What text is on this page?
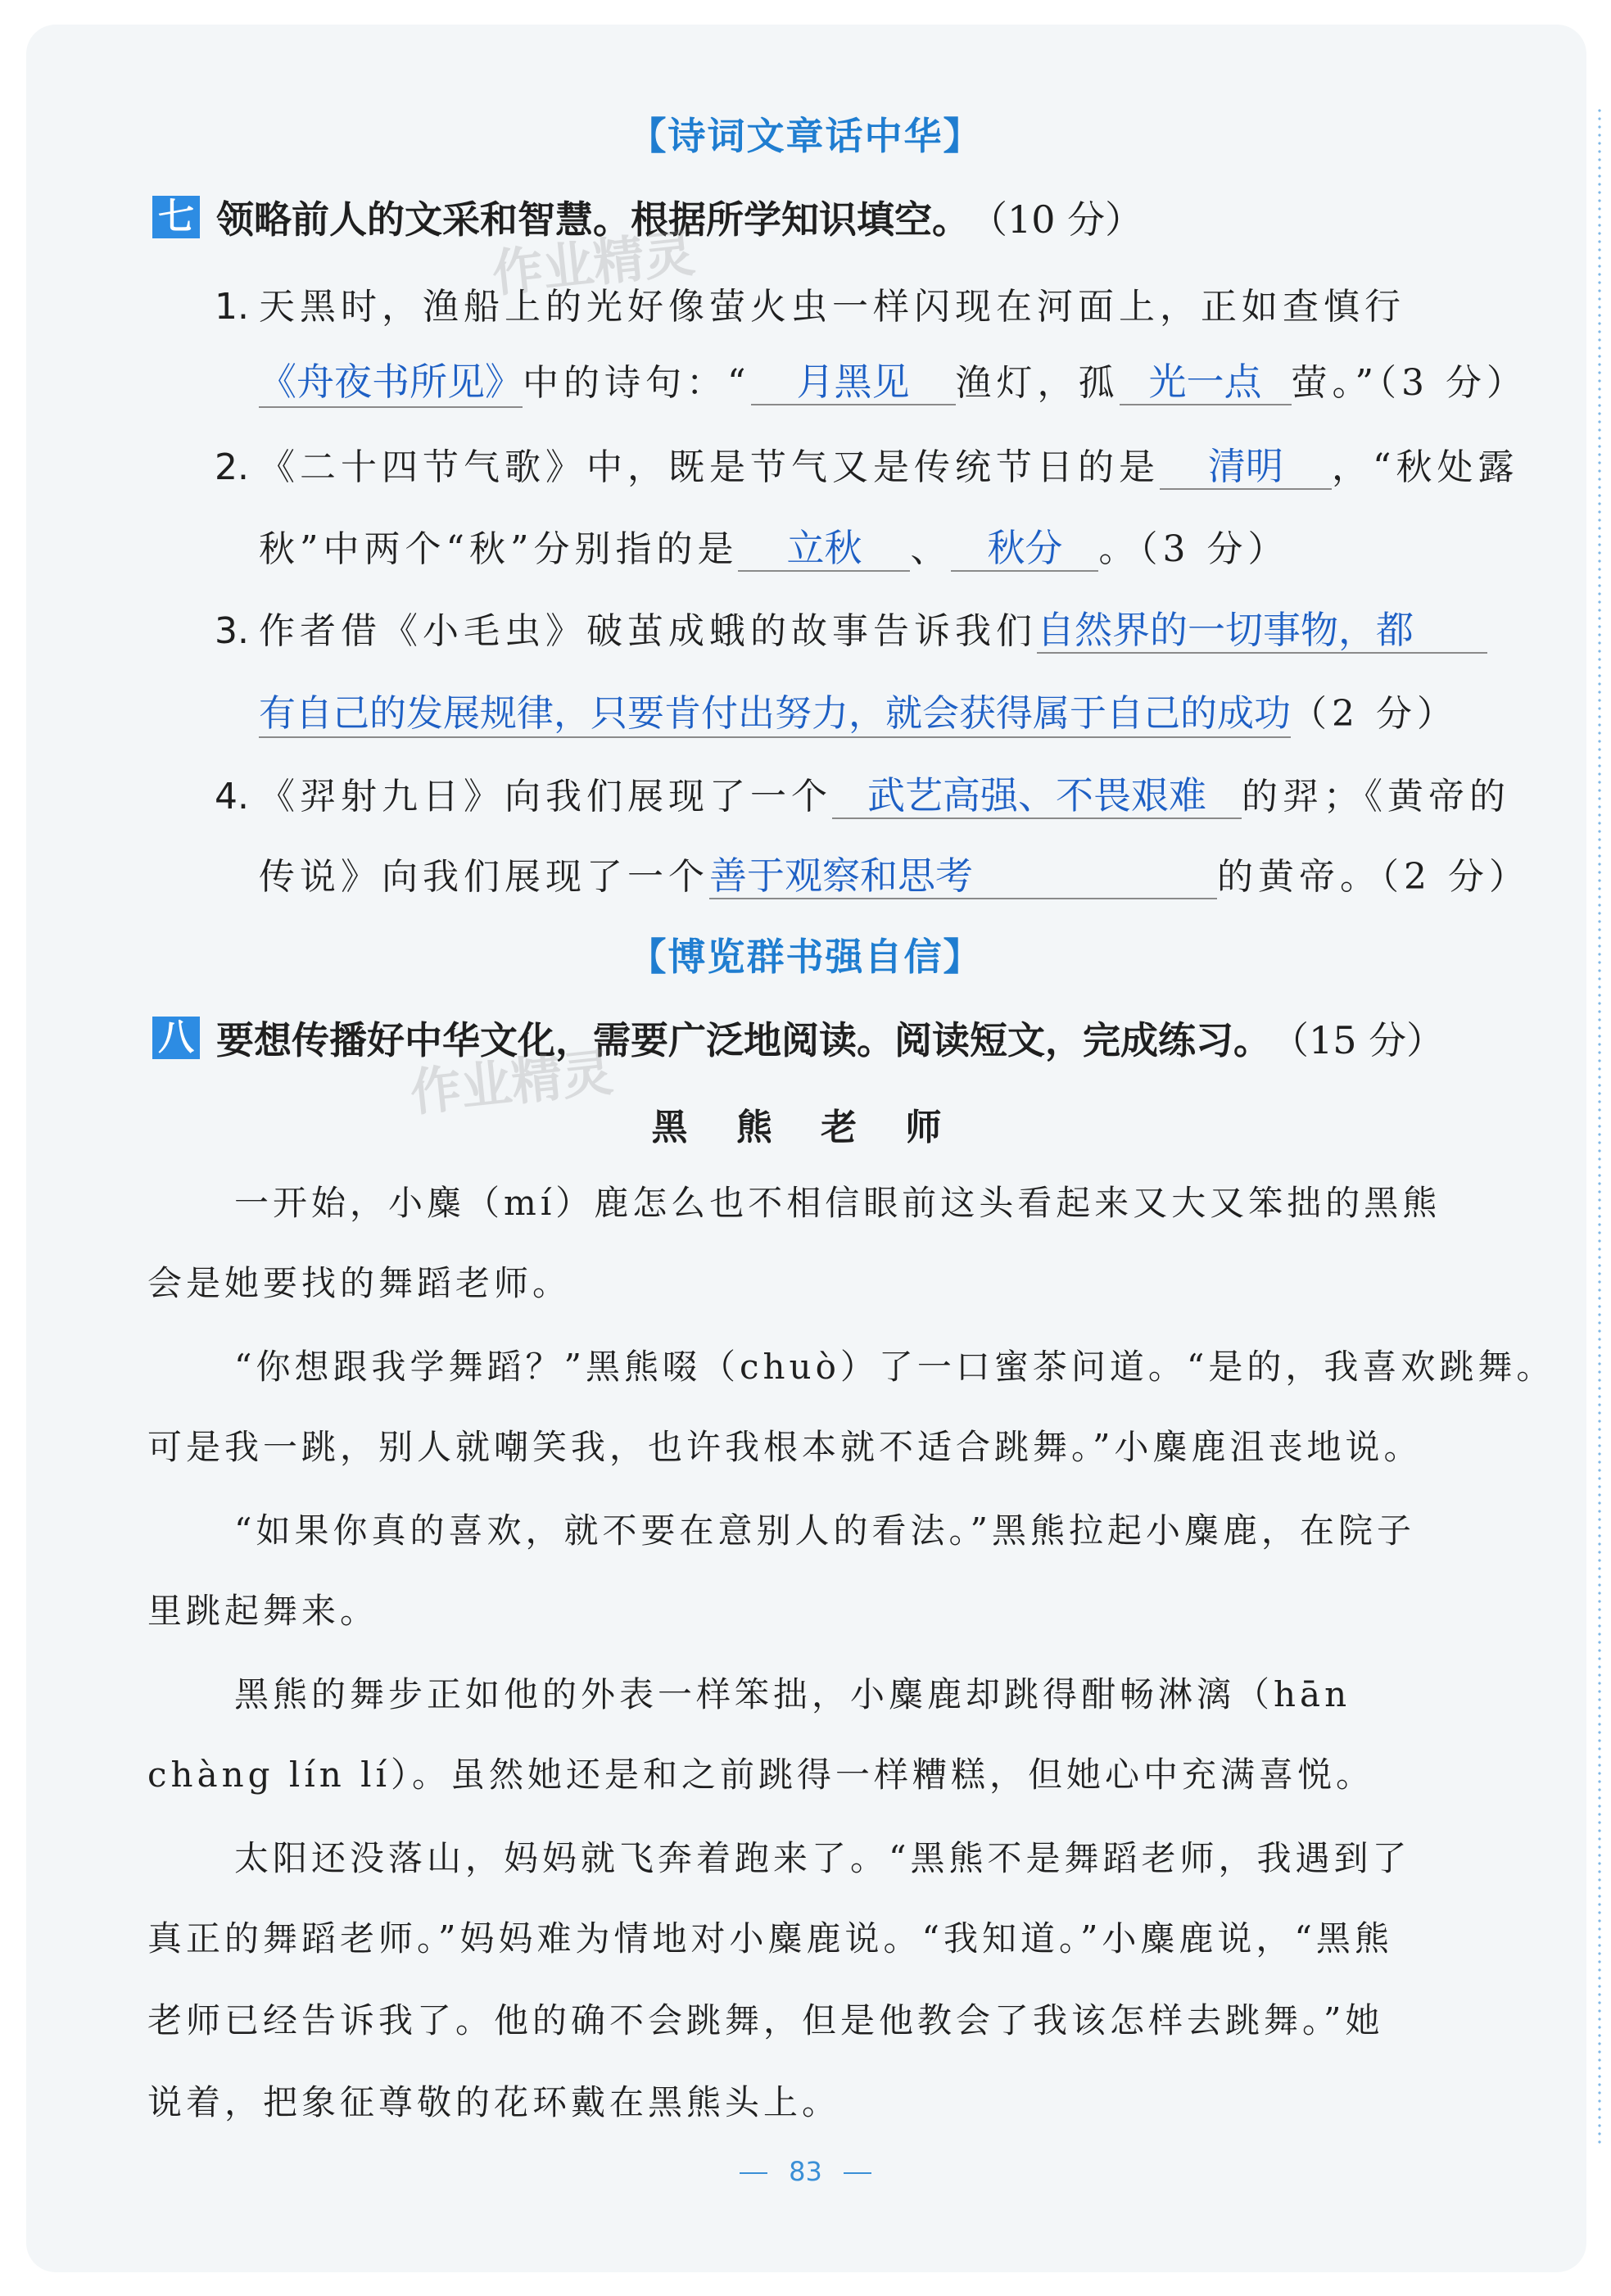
【诗词文章话中华】
七 领略前人的文采和智慧。根据所学知识填空。 （10 分）
作业精灵
1. 天黑时，渔船上的光好像萤火虫一样闪现在河面上，正如查慎行
《舟夜书所见》中的诗句：“ 月黑见 渔灯，孤 光一点 萤。”（3 分）
2. 《二十四节气歌》中，既是节气又是传统节日的是 清明 ，“秋处露
秋”中两个“秋”分别指的是 立秋 、 秋分 。（3 分）
3. 作者借《小毛虫》破茧成蛾的故事告诉我们自然界的一切事物，都
有自己的发展规律，只要肯付出努力，就会获得属于自己的成功（2 分）
4. 《羿射九日》向我们展现了一个 武艺高强、不畏艰难 的羿；《黄帝的
传说》向我们展现了一个善于观察和思考	的黄帝。（2 分）
【博览群书强自信】
八 要想传播好中华文化，需要广泛地阅读。阅读短文，完成练习。 （15 分）
作业精灵
黑 熊 老 师
一开始，小麋（mí）鹿怎么也不相信眼前这头看起来又大又笨拙的黑熊
会是她要找的舞蹈老师。
“你想跟我学舞蹈？”黑熊啜（chuò）了一口蜜茶问道。“是的，我喜欢跳舞。
可是我一跳，别人就嘲笑我，也许我根本就不适合跳舞。”小麋鹿沮丧地说。
“如果你真的喜欢，就不要在意别人的看法。”黑熊拉起小麋鹿，在院子
里跳起舞来。
黑熊的舞步正如他的外表一样笨拙，小麋鹿却跳得酣畅淋漓（hān
chàng lín lí）。虽然她还是和之前跳得一样糟糕，但她心中充满喜悦。
太阳还没落山，妈妈就飞奔着跑来了。“黑熊不是舞蹈老师，我遇到了
真正的舞蹈老师。”妈妈难为情地对小麋鹿说。“我知道。”小麋鹿说，“黑熊
老师已经告诉我了。他的确不会跳舞，但是他教会了我该怎样去跳舞。”她
说着，把象征尊敬的花环戴在黑熊头上。
83
